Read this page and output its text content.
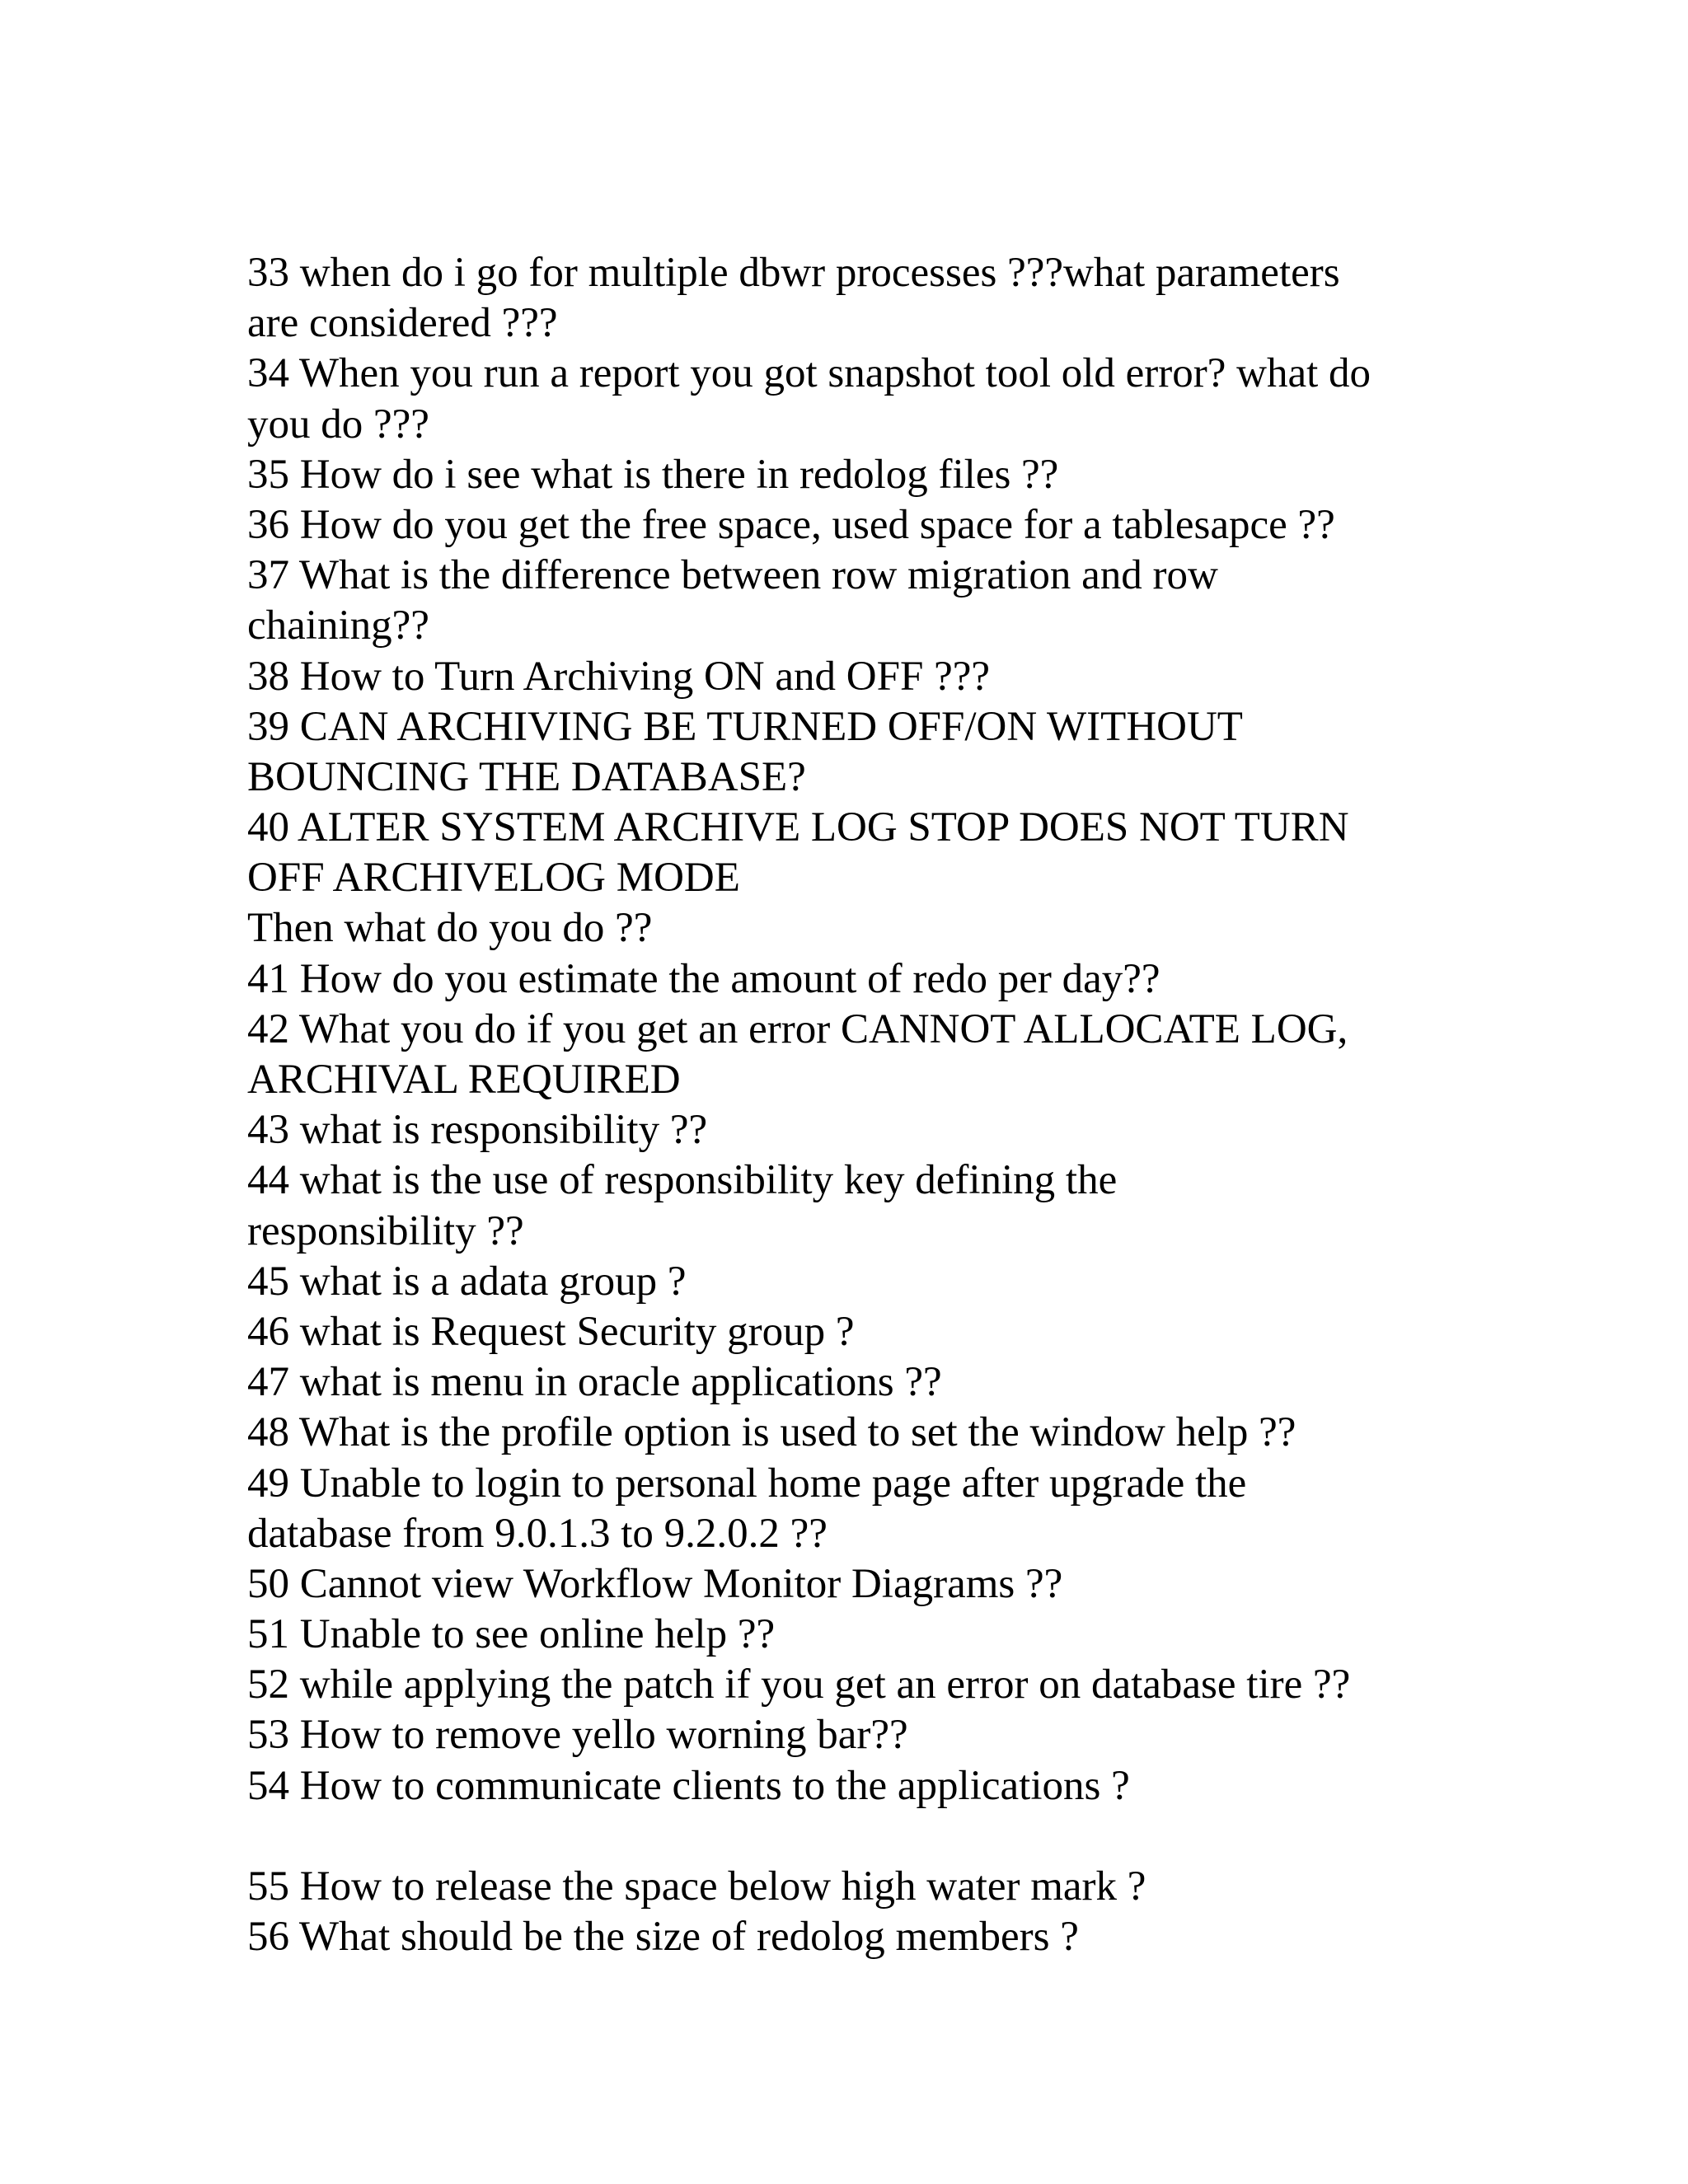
33 when do i go for multiple dbwr processes ???what parameters
are considered ???
34 When you run a report you got snapshot tool old error? what do
you do ???
35 How do i see what is there in redolog files ??
36 How do you get the free space, used space for a tablesapce ??
37 What is the difference between row migration and row
chaining??
38 How to Turn Archiving ON and OFF ???
39 CAN ARCHIVING BE TURNED OFF/ON WITHOUT
BOUNCING THE DATABASE?
40 ALTER SYSTEM ARCHIVE LOG STOP DOES NOT TURN
OFF ARCHIVELOG MODE
Then what do you do ??
41 How do you estimate the amount of redo per day??
42 What you do if you get an error CANNOT ALLOCATE LOG,
ARCHIVAL REQUIRED
43 what is responsibility ??
44 what is the use of responsibility key defining the
responsibility ??
45 what is a adata group ?
46 what is Request Security group ?
47 what is menu in oracle applications ??
48 What is the profile option is used to set the window help ??
49 Unable to login to personal home page after upgrade the
database from 9.0.1.3 to 9.2.0.2 ??
50 Cannot view Workflow Monitor Diagrams ??
51 Unable to see online help ??
52 while applying the patch if you get an error on database tire ??
53 How to remove yello worning bar??
54 How to communicate clients to the applications ?
55 How to release the space below high water mark ?
56 What should be the size of redolog members ?
